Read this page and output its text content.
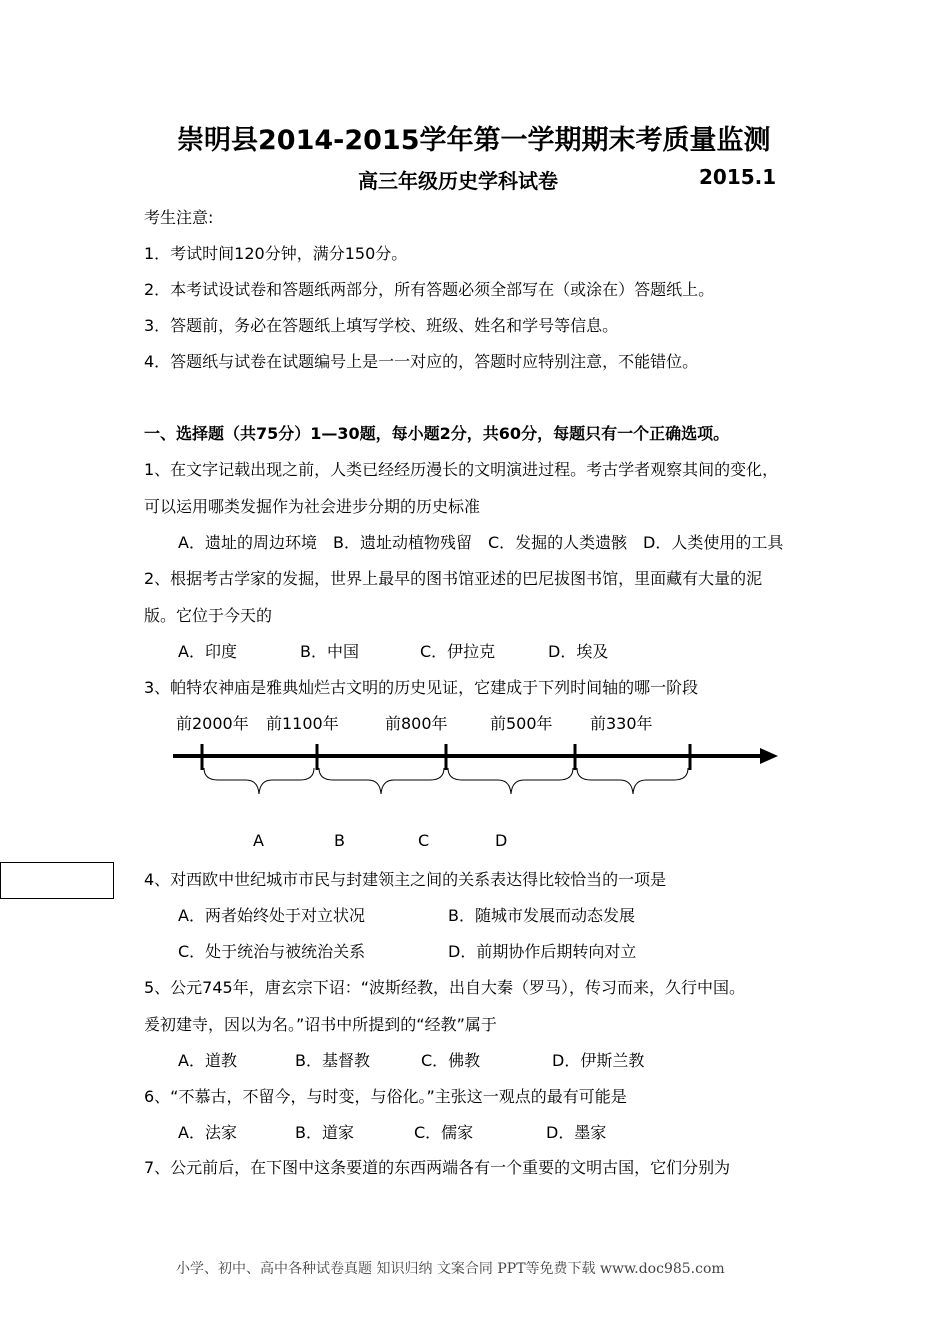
崇明县2014-2015学年第一学期期末考质量监测
高三年级历史学科试卷	2015.1
考生注意:
1．考试时间120分钟，满分150分。
2．本考试设试卷和答题纸两部分，所有答题必须全部写在（或涂在）答题纸上。
3．答题前，务必在答题纸上填写学校、班级、姓名和学号等信息。
4．答题纸与试卷在试题编号上是一一对应的，答题时应特别注意，不能错位。
一、选择题（共75分）1—30题，每小题2分，共60分，每题只有一个正确选项。
1、在文字记载出现之前，人类已经经历漫长的文明演进过程。考古学者观察其间的变化，
可以运用哪类发掘作为社会进步分期的历史标准
A．遗址的周边环境 B．遗址动植物残留 C．发掘的人类遗骸 D．人类使用的工具
2、根据考古学家的发掘，世界上最早的图书馆亚述的巴尼拔图书馆，里面藏有大量的泥
版。它位于今天的
A．印度	B．中国	C．伊拉克	D．埃及
3、帕特农神庙是雅典灿烂古文明的历史见证，它建成于下列时间轴的哪一阶段
前2000年 前1100年	前800年	前500年 前330年
A	B	C	D
4、对西欧中世纪城市市民与封建领主之间的关系表达得比较恰当的一项是
A．两者始终处于对立状况	B．随城市发展而动态发展
C．处于统治与被统治关系	D．前期协作后期转向对立
5、公元745年，唐玄宗下诏：“波斯经教，出自大秦（罗马），传习而来，久行中国。
爰初建寺，因以为名。”诏书中所提到的“经教”属于
A．道教	B．基督教	C．佛教	D．伊斯兰教
6、“不慕古，不留今，与时变，与俗化。”主张这一观点的最有可能是
A．法家	B．道家	C．儒家	D．墨家
7、公元前后，在下图中这条要道的东西两端各有一个重要的文明古国，它们分别为
小学、初中、高中各种试卷真题 知识归纳 文案合同 PPT等免费下载 www.doc985.com
